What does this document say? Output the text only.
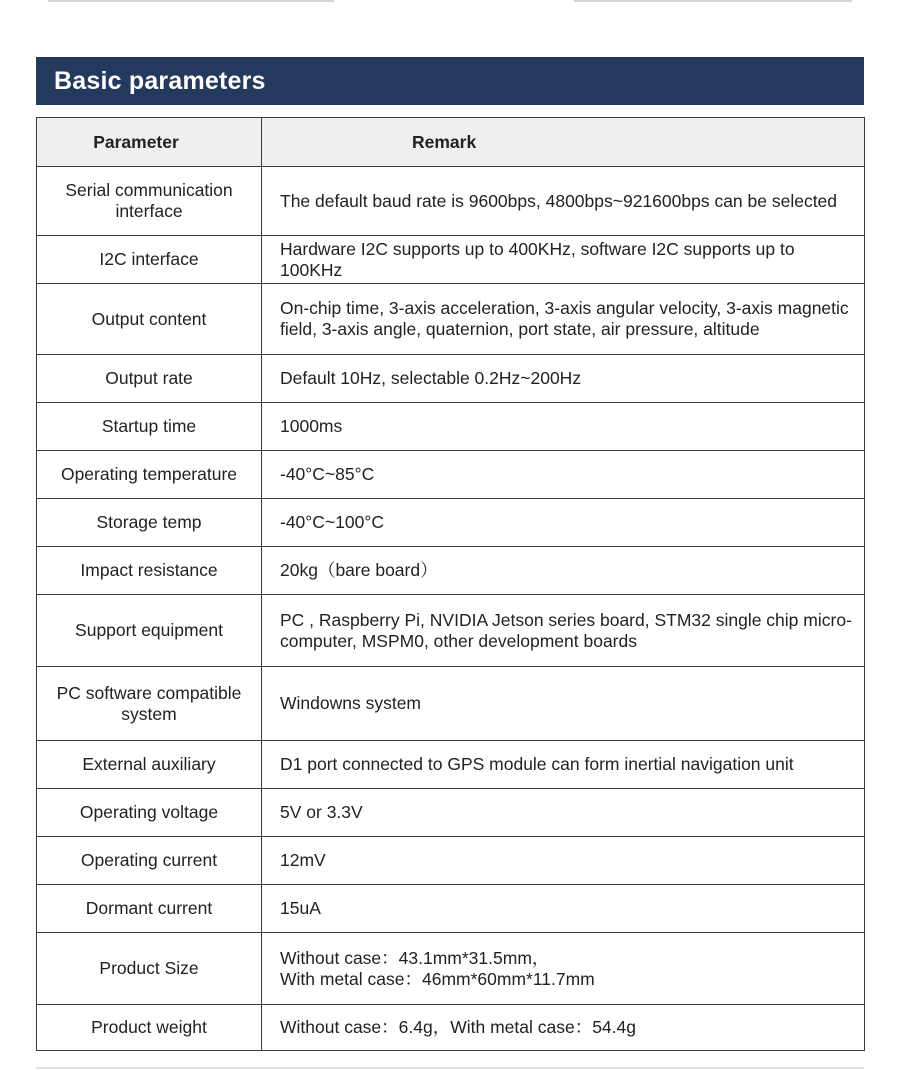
Basic parameters
Parameter	Remark
Serial communication
interface	The default baud rate is 9600bps, 4800bps~921600bps can be selected
I2C interface	Hardware I2C supports up to 400KHz, software I2C supports up to 100KHz
Output content	On-chip time, 3-axis acceleration, 3-axis angular velocity, 3-axis magnetic field, 3-axis angle, quaternion, port state, air pressure, altitude
Output rate	Default 10Hz, selectable 0.2Hz~200Hz
Startup time	1000ms
Operating temperature	-40°C~85°C
Storage temp	-40°C~100°C
Impact resistance	20kg（bare board）
Support equipment	PC , Raspberry Pi, NVIDIA Jetson series board, STM32 single chip micro-computer, MSPM0, other development boards
PC software compatible
system	Windowns system
External auxiliary	D1 port connected to GPS module can form inertial navigation unit
Operating voltage	5V or 3.3V
Operating current	12mV
Dormant current	15uA
Product Size	Without case：43.1mm*31.5mm，
With metal case：46mm*60mm*11.7mm
Product weight	Without case：6.4g，With metal case：54.4g
